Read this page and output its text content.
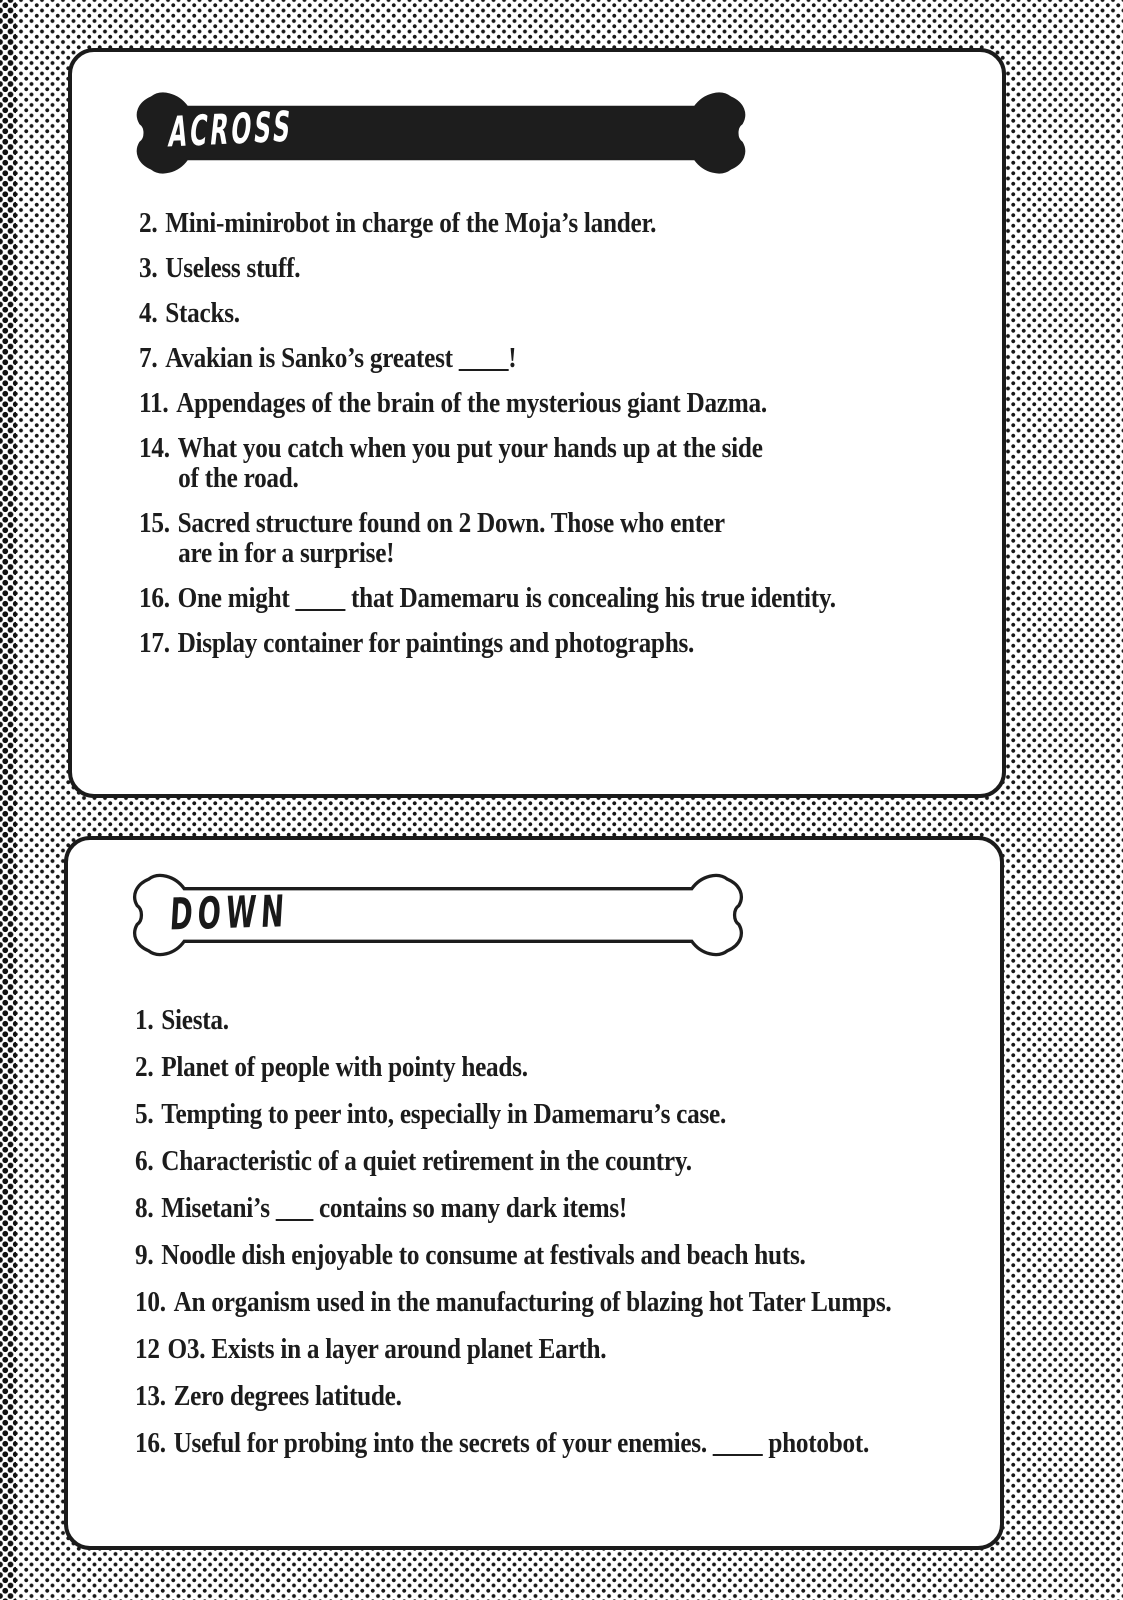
ACROSS
2. Mini-minirobot in charge of the Moja’s lander.
3. Useless stuff.
4. Stacks.
7. Avakian is Sanko’s greatest ____!
11. Appendages of the brain of the mysterious giant Dazma.
14. What you catch when you put your hands up at the side
of the road.
15. Sacred structure found on 2 Down. Those who enter
are in for a surprise!
16. One might ____ that Damemaru is concealing his true identity.
17. Display container for paintings and photographs.
DOWN
1. Siesta.
2. Planet of people with pointy heads.
5. Tempting to peer into, especially in Damemaru’s case.
6. Characteristic of a quiet retirement in the country.
8. Misetani’s ___ contains so many dark items!
9. Noodle dish enjoyable to consume at festivals and beach huts.
10. An organism used in the manufacturing of blazing hot Tater Lumps.
12 O3. Exists in a layer around planet Earth.
13. Zero degrees latitude.
16. Useful for probing into the secrets of your enemies. ____ photobot.
